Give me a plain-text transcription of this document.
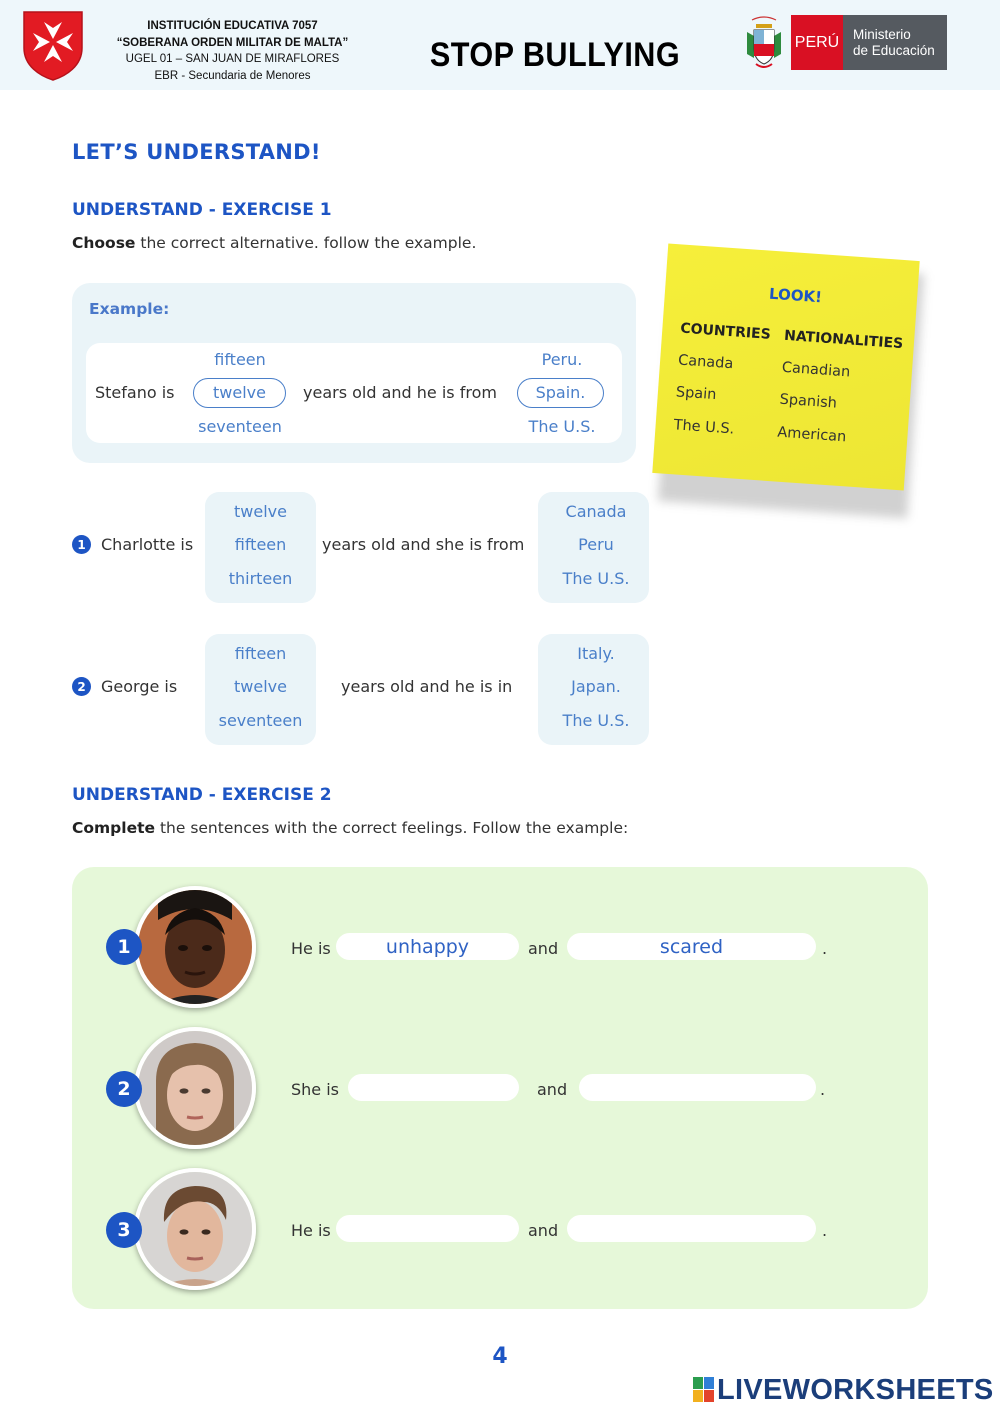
INSTITUCIÓN EDUCATIVA 7057
“SOBERANA ORDEN MILITAR DE MALTA”
UGEL 01 – SAN JUAN DE MIRAFLORES
EBR - Secundaria de Menores
STOP BULLYING	PERÚ Ministerio
de Educación
LET’S UNDERSTAND!
UNDERSTAND - EXERCISE 1
Choose the correct alternative. follow the example.
Example:
Stefano is
fifteen
twelve
seventeen
years old and he is from
Peru.
Spain.
The U.S.
1 Charlotte is
twelve
fifteen
thirteen
years old and she is from
Canada
Peru
The U.S.
2 George is
fifteen
twelve
seventeen
years old and he is in
Italy.
Japan.
The U.S.
LOOK!
COUNTRIES NATIONALITIES
Canada	Canadian
Spain	Spanish
The U.S.	American
UNDERSTAND - EXERCISE 2
Complete the sentences with the correct feelings. Follow the example:
1	He is	unhappy	and	scared	.
2	She is	and	.
3	He is	and	.
4
LIVEWORKSHEETS
